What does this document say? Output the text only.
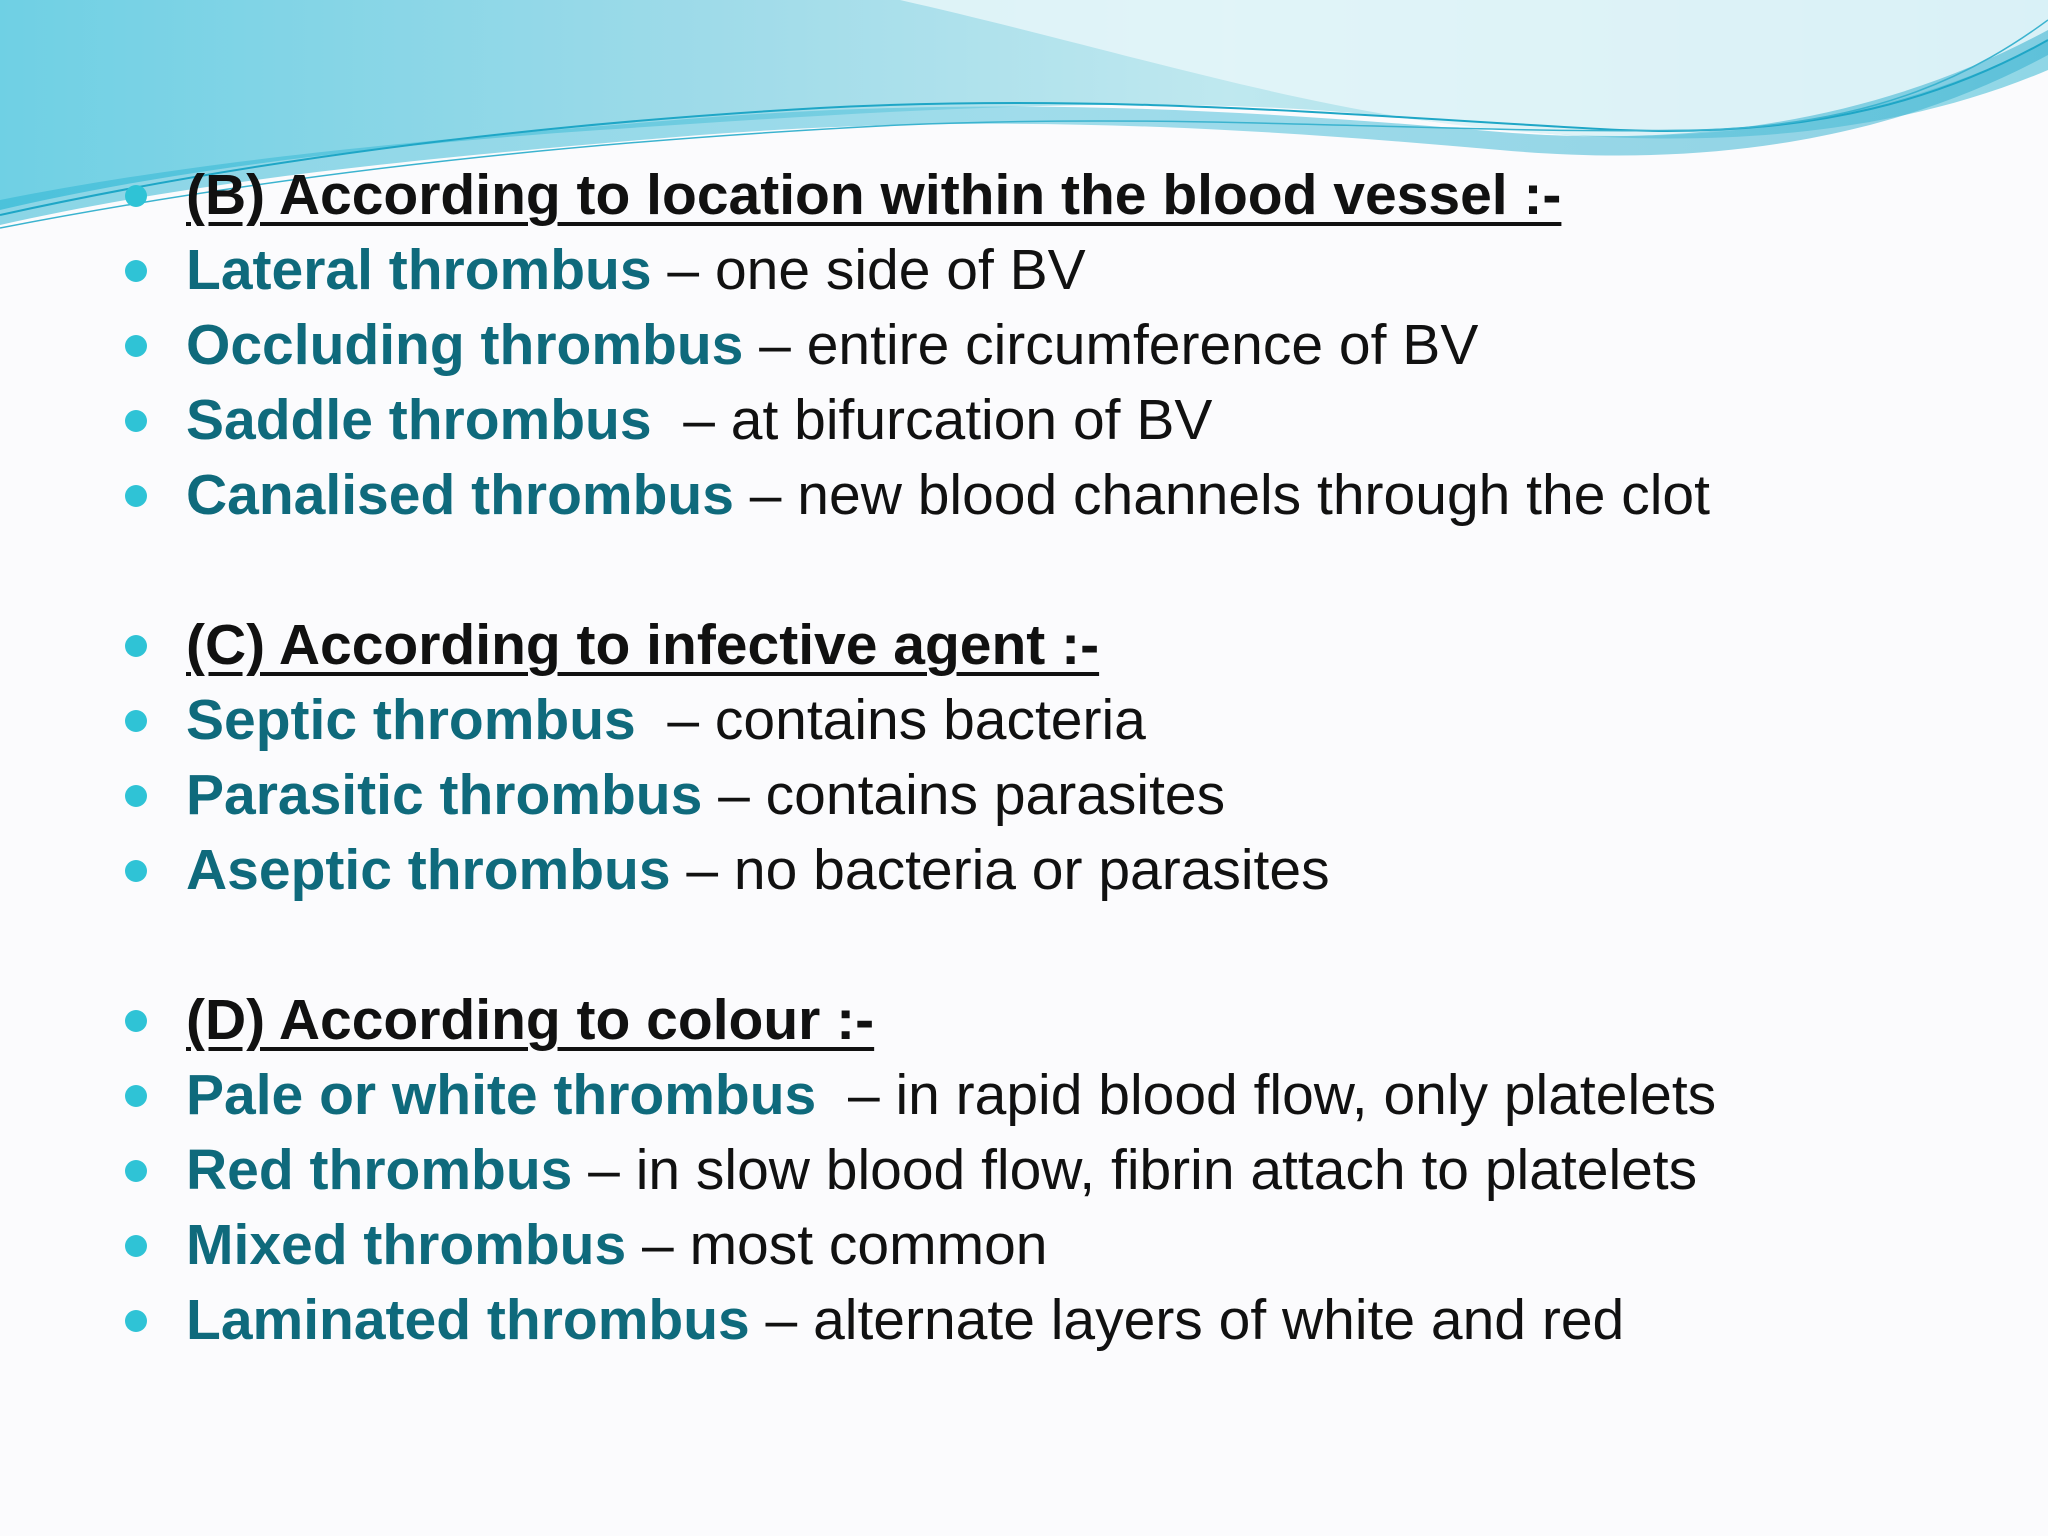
(B) According to location within the blood vessel :-

Lateral thrombus – one side of BV

Occluding thrombus – entire circumference of BV

Saddle thrombus  – at bifurcation of BV

Canalised thrombus – new blood channels through the clot

(C) According to infective agent :-

Septic thrombus  – contains bacteria

Parasitic thrombus – contains parasites

Aseptic thrombus – no bacteria or parasites

(D) According to colour :-

Pale or white thrombus  – in rapid blood flow, only platelets

Red thrombus – in slow blood flow, fibrin attach to platelets

Mixed thrombus – most common

Laminated thrombus – alternate layers of white and red
